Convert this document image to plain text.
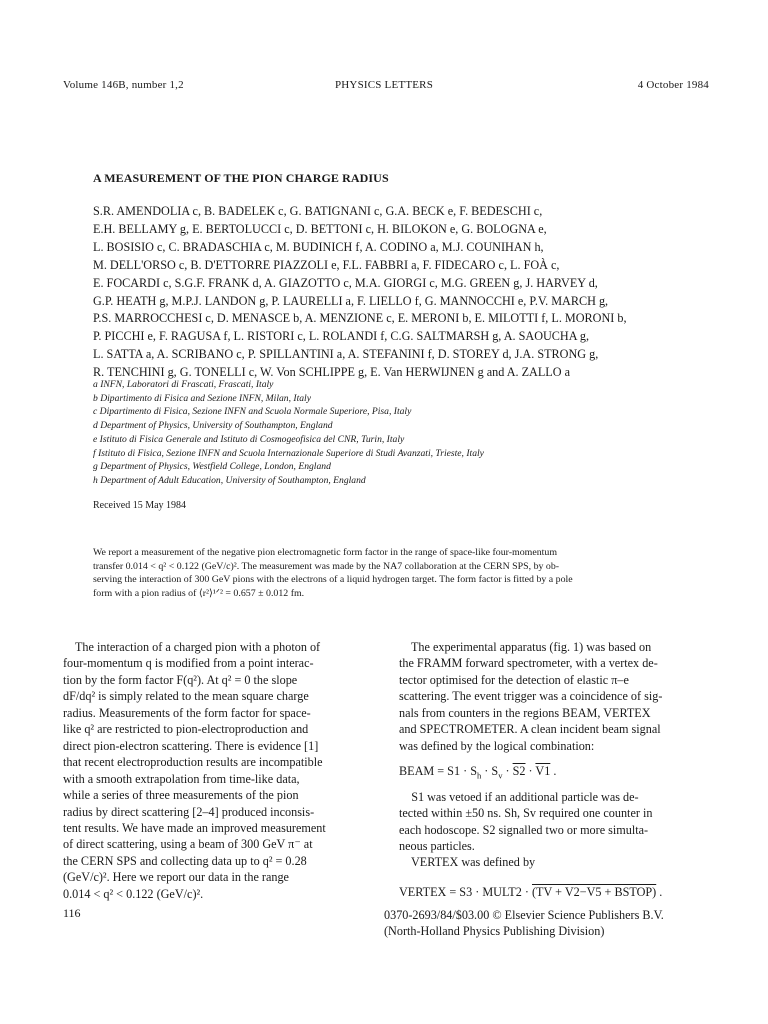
Volume 146B, number 1,2	PHYSICS LETTERS	4 October 1984
A MEASUREMENT OF THE PION CHARGE RADIUS
S.R. AMENDOLIA c, B. BADELEK c, G. BATIGNANI c, G.A. BECK e, F. BEDESCHI c,
E.H. BELLAMY g, E. BERTOLUCCI c, D. BETTONI c, H. BILOKON e, G. BOLOGNA e,
L. BOSISIO c, C. BRADASCHIA c, M. BUDINICH f, A. CODINO a, M.J. COUNIHAN h,
M. DELL'ORSO c, B. D'ETTORRE PIAZZOLI e, F.L. FABBRI a, F. FIDECARO c, L. FOÀ c,
E. FOCARDI c, S.G.F. FRANK d, A. GIAZOTTO c, M.A. GIORGI c, M.G. GREEN g, J. HARVEY d,
G.P. HEATH g, M.P.J. LANDON g, P. LAURELLI a, F. LIELLO f, G. MANNOCCHI e, P.V. MARCH g,
P.S. MARROCCHESI c, D. MENASCE b, A. MENZIONE c, E. MERONI b, E. MILOTTI f, L. MORONI b,
P. PICCHI e, F. RAGUSA f, L. RISTORI c, L. ROLANDI f, C.G. SALTMARSH g, A. SAOUCHA g,
L. SATTA a, A. SCRIBANO c, P. SPILLANTINI a, A. STEFANINI f, D. STOREY d, J.A. STRONG g,
R. TENCHINI g, G. TONELLI c, W. Von SCHLIPPE g, E. Van HERWIJNEN g and A. ZALLO a
a INFN, Laboratori di Frascati, Frascati, Italy
b Dipartimento di Fisica and Sezione INFN, Milan, Italy
c Dipartimento di Fisica, Sezione INFN and Scuola Normale Superiore, Pisa, Italy
d Department of Physics, University of Southampton, England
e Istituto di Fisica Generale and Istituto di Cosmogeofisica del CNR, Turin, Italy
f Istituto di Fisica, Sezione INFN and Scuola Internazionale Superiore di Studi Avanzati, Trieste, Italy
g Department of Physics, Westfield College, London, England
h Department of Adult Education, University of Southampton, England
Received 15 May 1984
We report a measurement of the negative pion electromagnetic form factor in the range of space-like four-momentum
transfer 0.014 < q² < 0.122 (GeV/c)². The measurement was made by the NA7 collaboration at the CERN SPS, by ob-
serving the interaction of 300 GeV pions with the electrons of a liquid hydrogen target. The form factor is fitted by a pole
form with a pion radius of ⟨r²⟩¹ᐟ² = 0.657 ± 0.012 fm.
The interaction of a charged pion with a photon of
four-momentum q is modified from a point interac-
tion by the form factor F(q²). At q² = 0 the slope
dF/dq² is simply related to the mean square charge
radius. Measurements of the form factor for space-
like q² are restricted to pion-electroproduction and
direct pion-electron scattering. There is evidence [1]
that recent electroproduction results are incompatible
with a smooth extrapolation from time-like data,
while a series of three measurements of the pion
radius by direct scattering [2–4] produced inconsis-
tent results. We have made an improved measurement
of direct scattering, using a beam of 300 GeV π⁻ at
the CERN SPS and collecting data up to q² = 0.28
(GeV/c)². Here we report our data in the range
0.014 < q² < 0.122 (GeV/c)².
The experimental apparatus (fig. 1) was based on
the FRAMM forward spectrometer, with a vertex de-
tector optimised for the detection of elastic π–e
scattering. The event trigger was a coincidence of sig-
nals from counters in the regions BEAM, VERTEX
and SPECTROMETER. A clean incident beam signal
was defined by the logical combination:
BEAM = $S1 \cdot S_h \cdot S_v \cdot S2 \cdot V1$ .
S1 was vetoed if an additional particle was de-
tected within ±50 ns. Sh, Sv required one counter in
each hodoscope. S2 signalled two or more simulta-
neous particles.
VERTEX was defined by
VERTEX = S3 · MULT2 · (TV + V2−V5 + BSTOP) .
116	0370-2693/84/$03.00 © Elsevier Science Publishers B.V.
(North-Holland Physics Publishing Division)
